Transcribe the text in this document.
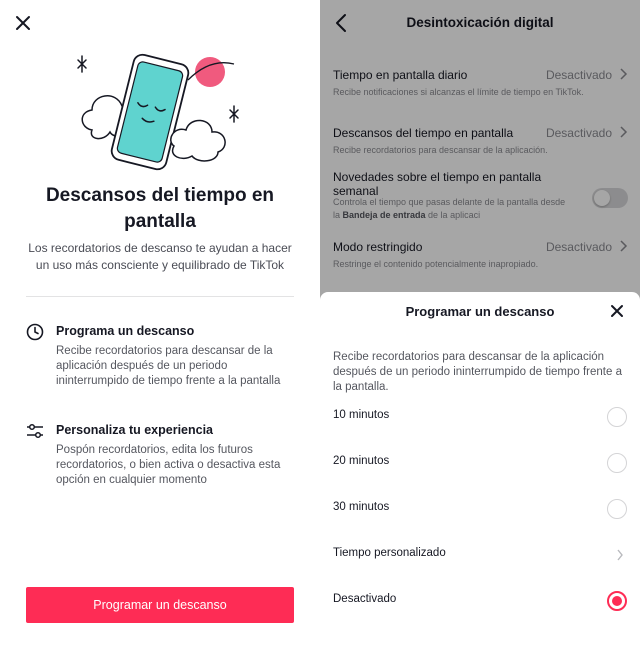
Descansos del tiempo en pantalla

Los recordatorios de descanso te ayudan a hacer un uso más consciente y equilibrado de TikTok

Programa un descanso
Recibe recordatorios para descansar de la aplicación después de un periodo ininterrumpido de tiempo frente a la pantalla
Personaliza tu experiencia
Pospón recordatorios, edita los futuros recordatorios, o bien activa o desactiva esta opción en cualquier momento
Programar un descanso
Desintoxicación digital
Tiempo en pantalla diario	Desactivado
Recibe notificaciones si alcanzas el límite de tiempo en TikTok.
Descansos del tiempo en pantalla	Desactivado
Recibe recordatorios para descansar de la aplicación.
Novedades sobre el tiempo en pantalla semanal
Controla el tiempo que pasas delante de la pantalla desde la Bandeja de entrada de la aplicaci
Modo restringido	Desactivado
Restringe el contenido potencialmente inapropiado.
Programar un descanso
Recibe recordatorios para descansar de la aplicación después de un periodo ininterrumpido de tiempo frente a la pantalla.
10 minutos
20 minutos
30 minutos
Tiempo personalizado
Desactivado
